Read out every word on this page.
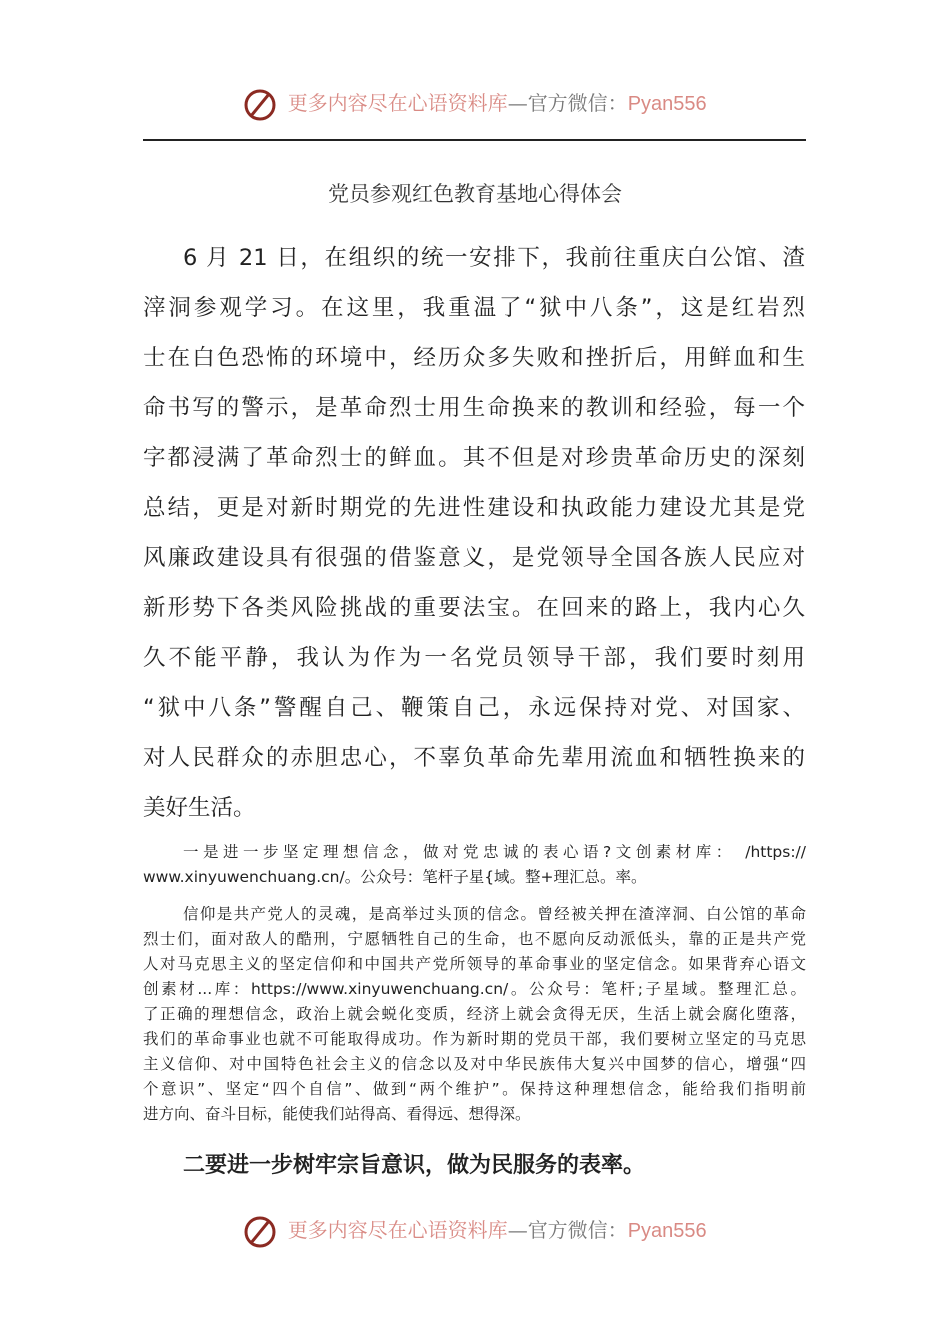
更多内容尽在心语资料库—官方微信：Pyan556
党员参观红色教育基地心得体会
6 月 21 日，在组织的统一安排下，我前往重庆白公馆、渣
滓洞参观学习。在这里，我重温了“狱中八条”，这是红岩烈
士在白色恐怖的环境中，经历众多失败和挫折后，用鲜血和生
命书写的警示，是革命烈士用生命换来的教训和经验，每一个
字都浸满了革命烈士的鲜血。其不但是对珍贵革命历史的深刻
总结，更是对新时期党的先进性建设和执政能力建设尤其是党
风廉政建设具有很强的借鉴意义，是党领导全国各族人民应对
新形势下各类风险挑战的重要法宝。在回来的路上，我内心久
久不能平静，我认为作为一名党员领导干部，我们要时刻用
“狱中八条”警醒自己、鞭策自己，永远保持对党、对国家、
对人民群众的赤胆忠心，不辜负革命先辈用流血和牺牲换来的
美好生活。
一是进一步坚定理想信念，做对党忠诚的表心语?文创素材库： /https://
www.xinyuwenchuang.cn/。公众号：笔杆子星{域。整+理汇总。率。
信仰是共产党人的灵魂，是高举过头顶的信念。曾经被关押在渣滓洞、白公馆的革命
烈士们，面对敌人的酷刑，宁愿牺牲自己的生命，也不愿向反动派低头，靠的正是共产党
人对马克思主义的坚定信仰和中国共产党所领导的革命事业的坚定信念。如果背弃心语文
创素材...库：https://www.xinyuwenchuang.cn/。公众号：笔杆;子星域。整理汇总。
了正确的理想信念，政治上就会蜕化变质，经济上就会贪得无厌，生活上就会腐化堕落，
我们的革命事业也就不可能取得成功。作为新时期的党员干部，我们要树立坚定的马克思
主义信仰、对中国特色社会主义的信念以及对中华民族伟大复兴中国梦的信心，增强“四
个意识”、坚定“四个自信”、做到“两个维护”。保持这种理想信念，能给我们指明前
进方向、奋斗目标，能使我们站得高、看得远、想得深。
二要进一步树牢宗旨意识，做为民服务的表率。
更多内容尽在心语资料库—官方微信：Pyan556
